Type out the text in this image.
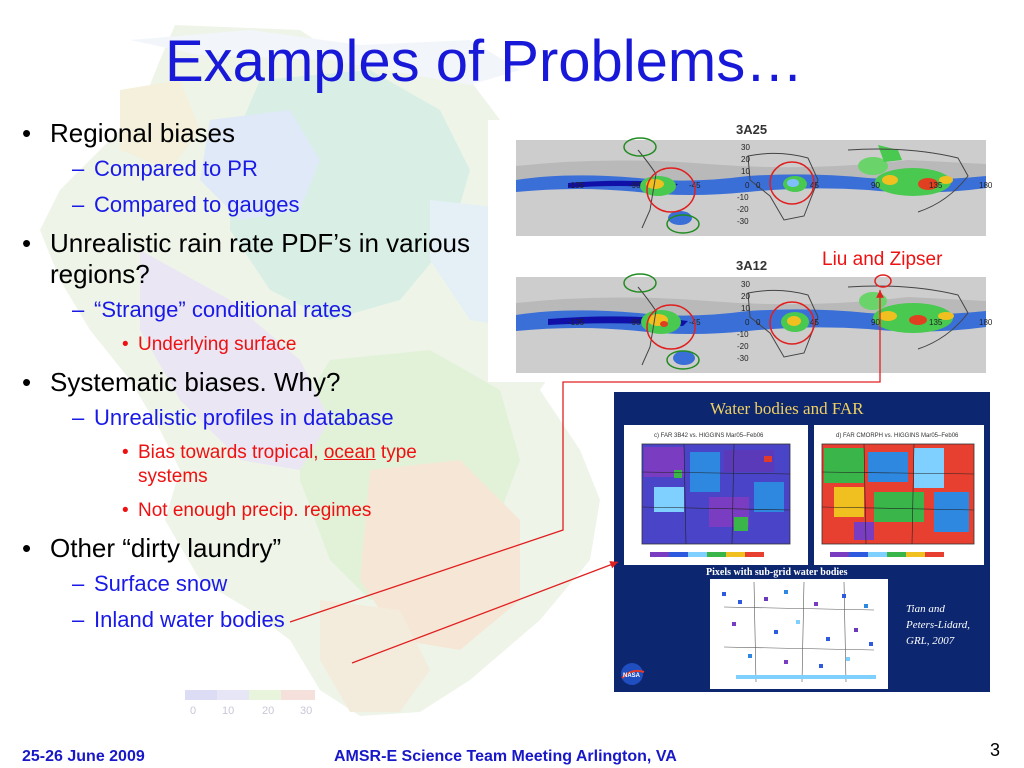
0 10	20 30
Examples of Problems…
• Regional biases
– Compared to PR
– Compared to gauges
• Unrealistic rain rate PDF’s in various regions?
– “Strange” conditional rates
• Underlying surface
• Systematic biases. Why?
– Unrealistic profiles in database
• Bias towards tropical, ocean type systems
• Not enough precip. regimes
• Other “dirty laundry”
– Surface snow
– Inland water bodies
3A25
-135	-90	-45	0	45	90	135	180
30
20
10
0
-10
-20
-30
3A12
-135	-90	-45	0	45	90	135	180
30
20
10
0
-10
-20
-30
Liu and Zipser
Water bodies and FAR
c) FAR 3B42 vs. HIGGINS Mar05–Feb06	d) FAR CMORPH vs. HIGGINS Mar05–Feb06
Pixels with sub-grid water bodies
Tian and
Peters-Lidard,
GRL, 2007
NASA
25-26 June 2009	AMSR-E Science Team Meeting Arlington, VA	3
